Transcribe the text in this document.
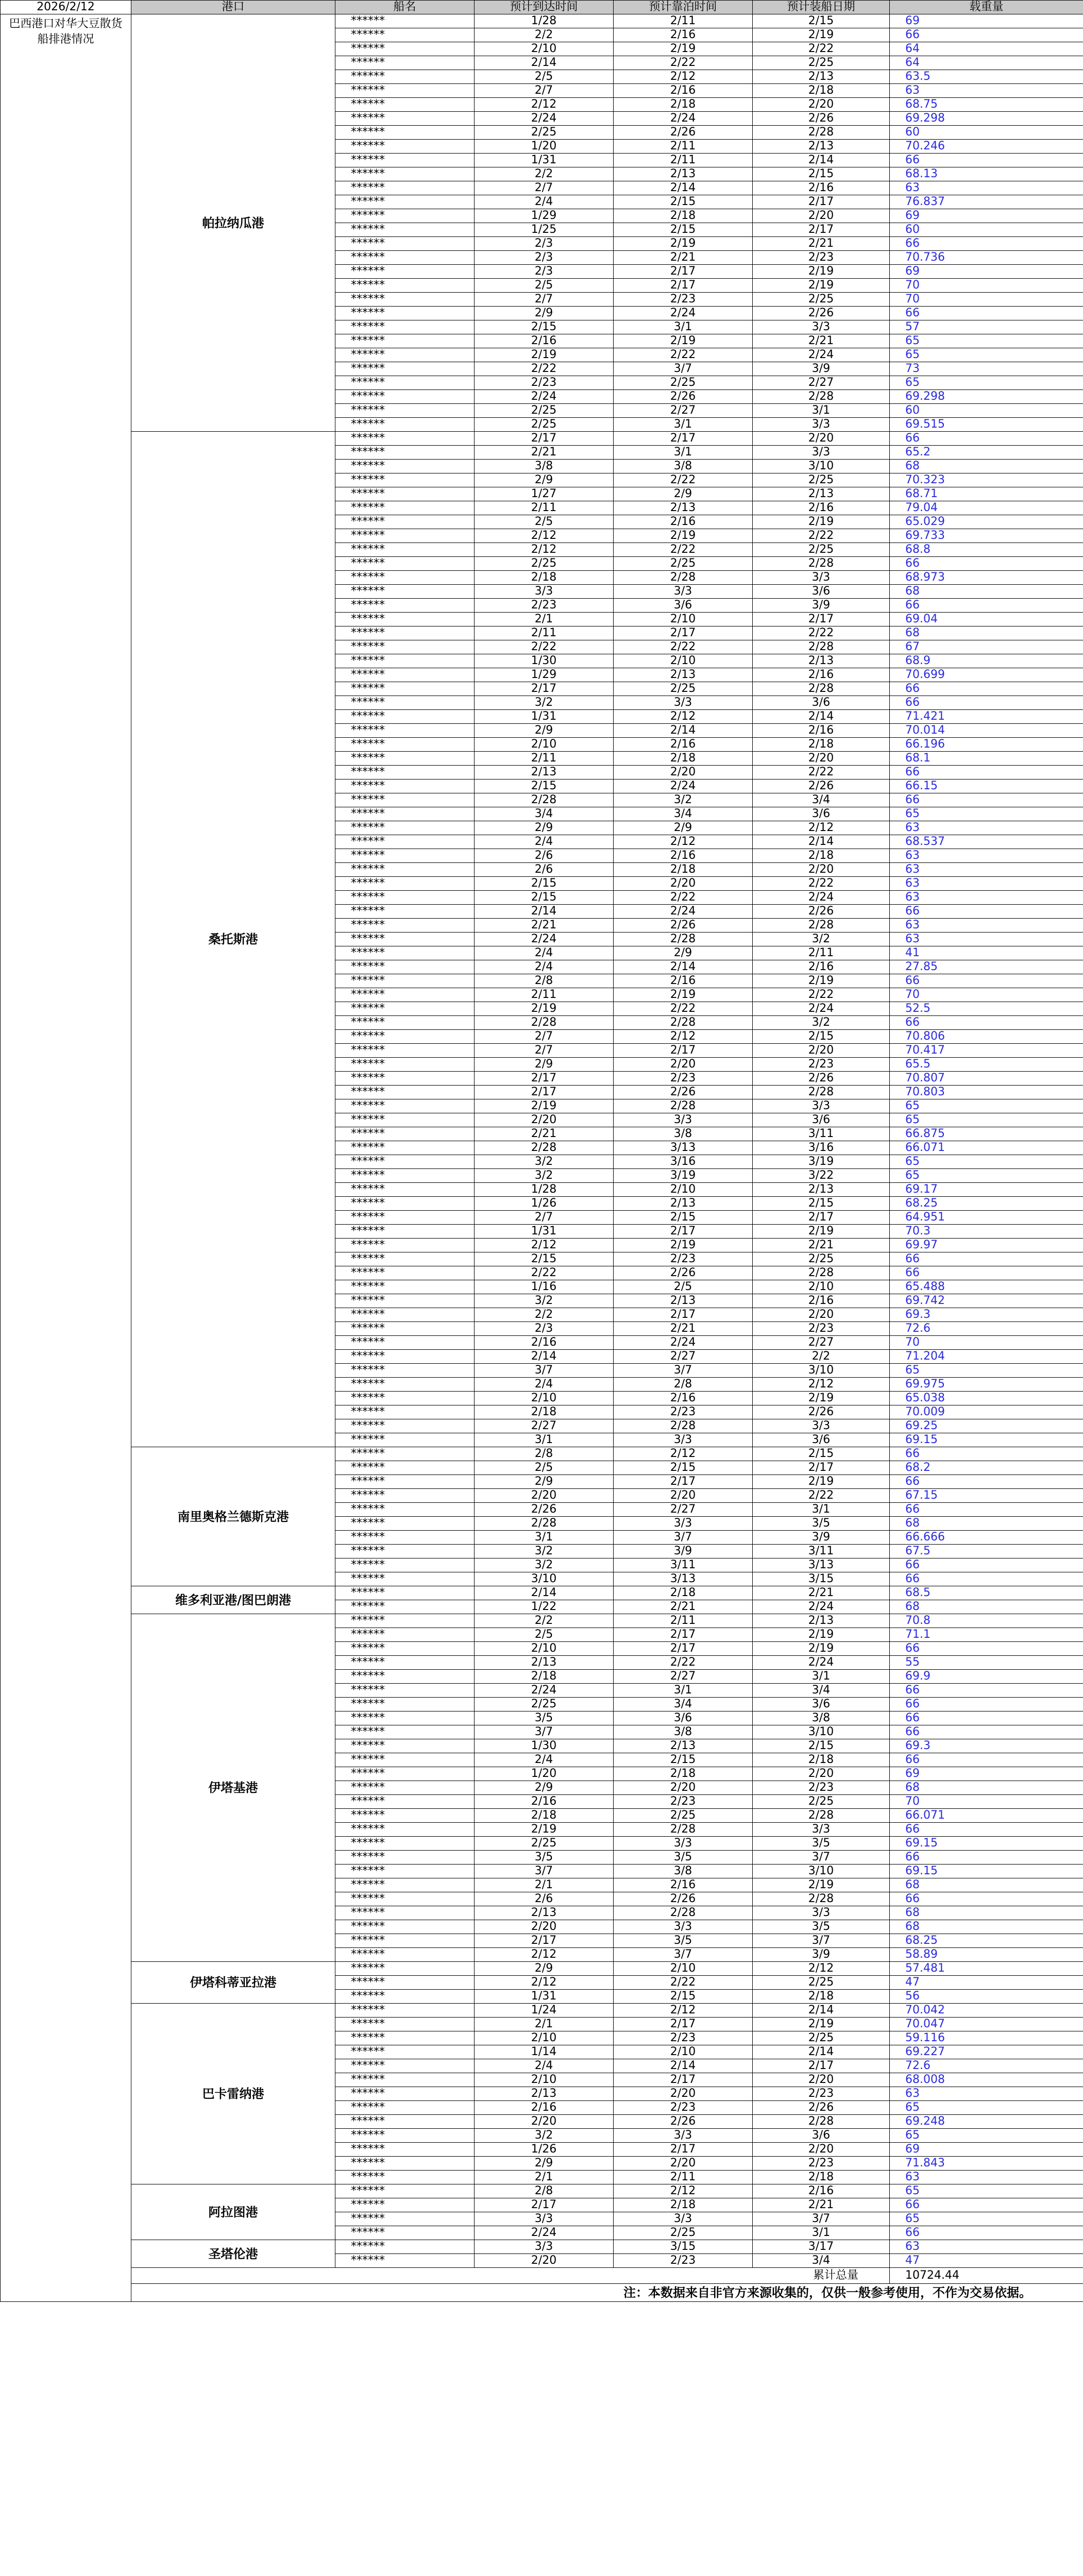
2026/2/12	港口	船名	预计到达时间	预计靠泊时间	预计装船日期	载重量
巴西港口对华大豆散货船排港情况	帕拉纳瓜港	******	1/28	2/11	2/15	69
		******	2/2	2/16	2/19	66
		******	2/10	2/19	2/22	64
		******	2/14	2/22	2/25	64
		******	2/5	2/12	2/13	63.5
		******	2/7	2/16	2/18	63
		******	2/12	2/18	2/20	68.75
		******	2/24	2/24	2/26	69.298
		******	2/25	2/26	2/28	60
		******	1/20	2/11	2/13	70.246
		******	1/31	2/11	2/14	66
		******	2/2	2/13	2/15	68.13
		******	2/7	2/14	2/16	63
		******	2/4	2/15	2/17	76.837
		******	1/29	2/18	2/20	69
		******	1/25	2/15	2/17	60
		******	2/3	2/19	2/21	66
		******	2/3	2/21	2/23	70.736
		******	2/3	2/17	2/19	69
		******	2/5	2/17	2/19	70
		******	2/7	2/23	2/25	70
		******	2/9	2/24	2/26	66
		******	2/15	3/1	3/3	57
		******	2/16	2/19	2/21	65
		******	2/19	2/22	2/24	65
		******	2/22	3/7	3/9	73
		******	2/23	2/25	2/27	65
		******	2/24	2/26	2/28	69.298
		******	2/25	2/27	3/1	60
		******	2/25	3/1	3/3	69.515
	桑托斯港	******	2/17	2/17	2/20	66
		******	2/21	3/1	3/3	65.2
		******	3/8	3/8	3/10	68
		******	2/9	2/22	2/25	70.323
		******	1/27	2/9	2/13	68.71
		******	2/11	2/13	2/16	79.04
		******	2/5	2/16	2/19	65.029
		******	2/12	2/19	2/22	69.733
		******	2/12	2/22	2/25	68.8
		******	2/25	2/25	2/28	66
		******	2/18	2/28	3/3	68.973
		******	3/3	3/3	3/6	68
		******	2/23	3/6	3/9	66
		******	2/1	2/10	2/17	69.04
		******	2/11	2/17	2/22	68
		******	2/22	2/22	2/28	67
		******	1/30	2/10	2/13	68.9
		******	1/29	2/13	2/16	70.699
		******	2/17	2/25	2/28	66
		******	3/2	3/3	3/6	66
		******	1/31	2/12	2/14	71.421
		******	2/9	2/14	2/16	70.014
		******	2/10	2/16	2/18	66.196
		******	2/11	2/18	2/20	68.1
		******	2/13	2/20	2/22	66
		******	2/15	2/24	2/26	66.15
		******	2/28	3/2	3/4	66
		******	3/4	3/4	3/6	65
		******	2/9	2/9	2/12	63
		******	2/4	2/12	2/14	68.537
		******	2/6	2/16	2/18	63
		******	2/6	2/18	2/20	63
		******	2/15	2/20	2/22	63
		******	2/15	2/22	2/24	63
		******	2/14	2/24	2/26	66
		******	2/21	2/26	2/28	63
		******	2/24	2/28	3/2	63
		******	2/4	2/9	2/11	41
		******	2/4	2/14	2/16	27.85
		******	2/8	2/16	2/19	66
		******	2/11	2/19	2/22	70
		******	2/19	2/22	2/24	52.5
		******	2/28	2/28	3/2	66
		******	2/7	2/12	2/15	70.806
		******	2/7	2/17	2/20	70.417
		******	2/9	2/20	2/23	65.5
		******	2/17	2/23	2/26	70.807
		******	2/17	2/26	2/28	70.803
		******	2/19	2/28	3/3	65
		******	2/20	3/3	3/6	65
		******	2/21	3/8	3/11	66.875
		******	2/28	3/13	3/16	66.071
		******	3/2	3/16	3/19	65
		******	3/2	3/19	3/22	65
		******	1/28	2/10	2/13	69.17
		******	1/26	2/13	2/15	68.25
		******	2/7	2/15	2/17	64.951
		******	1/31	2/17	2/19	70.3
		******	2/12	2/19	2/21	69.97
		******	2/15	2/23	2/25	66
		******	2/22	2/26	2/28	66
		******	1/16	2/5	2/10	65.488
		******	3/2	2/13	2/16	69.742
		******	2/2	2/17	2/20	69.3
		******	2/3	2/21	2/23	72.6
		******	2/16	2/24	2/27	70
		******	2/14	2/27	2/2	71.204
		******	3/7	3/7	3/10	65
		******	2/4	2/8	2/12	69.975
		******	2/10	2/16	2/19	65.038
		******	2/18	2/23	2/26	70.009
		******	2/27	2/28	3/3	69.25
		******	3/1	3/3	3/6	69.15
	南里奥格兰德斯克港	******	2/8	2/12	2/15	66
		******	2/5	2/15	2/17	68.2
		******	2/9	2/17	2/19	66
		******	2/20	2/20	2/22	67.15
		******	2/26	2/27	3/1	66
		******	2/28	3/3	3/5	68
		******	3/1	3/7	3/9	66.666
		******	3/2	3/9	3/11	67.5
		******	3/2	3/11	3/13	66
		******	3/10	3/13	3/15	66
	维多利亚港/图巴朗港	******	2/14	2/18	2/21	68.5
		******	1/22	2/21	2/24	68
	伊塔基港	******	2/2	2/11	2/13	70.8
		******	2/5	2/17	2/19	71.1
		******	2/10	2/17	2/19	66
		******	2/13	2/22	2/24	55
		******	2/18	2/27	3/1	69.9
		******	2/24	3/1	3/4	66
		******	2/25	3/4	3/6	66
		******	3/5	3/6	3/8	66
		******	3/7	3/8	3/10	66
		******	1/30	2/13	2/15	69.3
		******	2/4	2/15	2/18	66
		******	1/20	2/18	2/20	69
		******	2/9	2/20	2/23	68
		******	2/16	2/23	2/25	70
		******	2/18	2/25	2/28	66.071
		******	2/19	2/28	3/3	66
		******	2/25	3/3	3/5	69.15
		******	3/5	3/5	3/7	66
		******	3/7	3/8	3/10	69.15
		******	2/1	2/16	2/19	68
		******	2/6	2/26	2/28	66
		******	2/13	2/28	3/3	68
		******	2/20	3/3	3/5	68
		******	2/17	3/5	3/7	68.25
		******	2/12	3/7	3/9	58.89
	伊塔科蒂亚拉港	******	2/9	2/10	2/12	57.481
		******	2/12	2/22	2/25	47
		******	1/31	2/15	2/18	56
	巴卡雷纳港	******	1/24	2/12	2/14	70.042
		******	2/1	2/17	2/19	70.047
		******	2/10	2/23	2/25	59.116
		******	1/14	2/10	2/14	69.227
		******	2/4	2/14	2/17	72.6
		******	2/10	2/17	2/20	68.008
		******	2/13	2/20	2/23	63
		******	2/16	2/23	2/26	65
		******	2/20	2/26	2/28	69.248
		******	3/2	3/3	3/6	65
		******	1/26	2/17	2/20	69
		******	2/9	2/20	2/23	71.843
		******	2/1	2/11	2/18	63
	阿拉图港	******	2/8	2/12	2/16	65
		******	2/17	2/18	2/21	66
		******	3/3	3/3	3/7	65
		******	2/24	2/25	3/1	66
	圣塔伦港	******	3/3	3/15	3/17	63
		******	2/20	2/23	3/4	47
	累计总量					10724.44
	注：本数据来自非官方来源收集的，仅供一般参考使用，不作为交易依据。					
